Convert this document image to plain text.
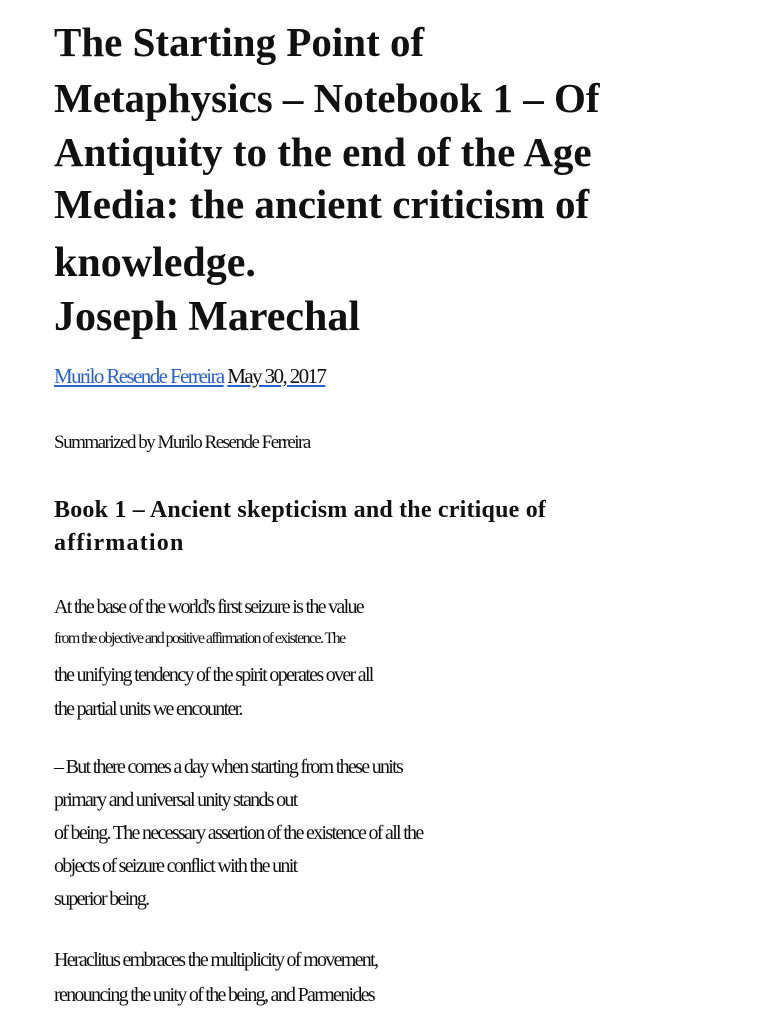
The Starting Point of
Metaphysics – Notebook 1 – Of
Antiquity to the end of the Age
Media: the ancient criticism of
knowledge.
Joseph Marechal
Murilo Resende Ferreira May 30, 2017
Summarized by Murilo Resende Ferreira
Book 1 – Ancient skepticism and the critique of
affirmation

At the base of the world's first seizure is the value
from the objective and positive affirmation of existence. The
the unifying tendency of the spirit operates over all
the partial units we encounter.

– But there comes a day when starting from these units
primary and universal unity stands out
of being. The necessary assertion of the existence of all the
objects of seizure conflict with the unit
superior being.

Heraclitus embraces the multiplicity of movement,
renouncing the unity of the being, and Parmenides
